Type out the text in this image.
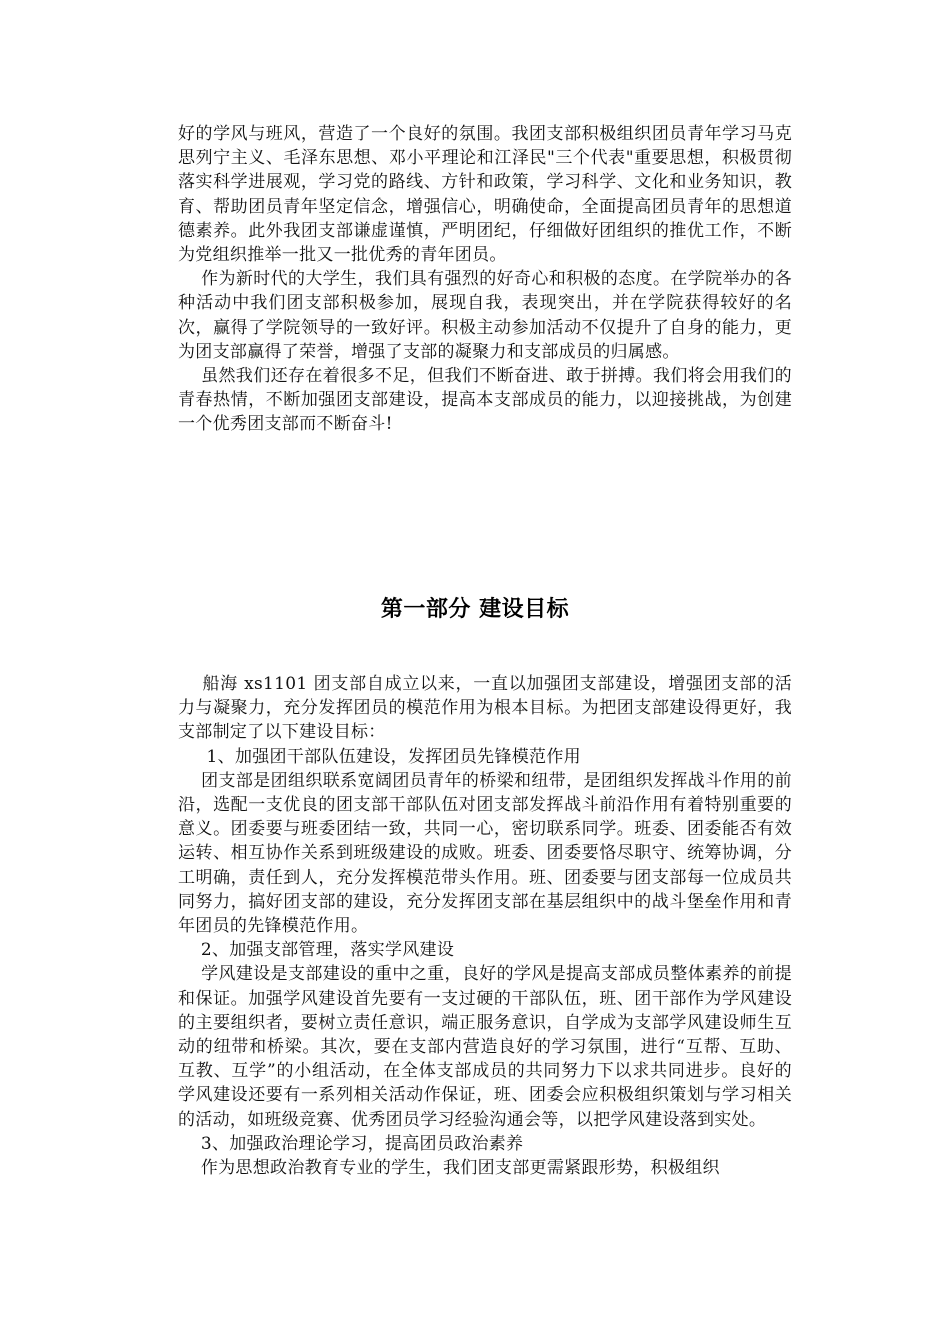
好的学风与班风，营造了一个良好的氛围。我团支部积极组织团员青年学习马克思列宁主义、毛泽东思想、邓小平理论和江泽民"三个代表"重要思想，积极贯彻落实科学进展观，学习党的路线、方针和政策，学习科学、文化和业务知识，教育、帮助团员青年坚定信念，增强信心，明确使命，全面提高团员青年的思想道德素养。此外我团支部谦虚谨慎，严明团纪，仔细做好团组织的推优工作，不断为党组织推举一批又一批优秀的青年团员。

作为新时代的大学生，我们具有强烈的好奇心和积极的态度。在学院举办的各种活动中我们团支部积极参加，展现自我，表现突出，并在学院获得较好的名次，赢得了学院领导的一致好评。积极主动参加活动不仅提升了自身的能力，更为团支部赢得了荣誉，增强了支部的凝聚力和支部成员的归属感。

虽然我们还存在着很多不足，但我们不断奋进、敢于拼搏。我们将会用我们的青春热情，不断加强团支部建设，提高本支部成员的能力，以迎接挑战，为创建一个优秀团支部而不断奋斗!

第一部分 建设目标

船海 xs1101 团支部自成立以来，一直以加强团支部建设，增强团支部的活力与凝聚力，充分发挥团员的模范作用为根本目标。为把团支部建设得更好，我支部制定了以下建设目标：

1、加强团干部队伍建设，发挥团员先锋模范作用

团支部是团组织联系宽阔团员青年的桥梁和纽带，是团组织发挥战斗作用的前沿，选配一支优良的团支部干部队伍对团支部发挥战斗前沿作用有着特别重要的意义。团委要与班委团结一致，共同一心，密切联系同学。班委、团委能否有效运转、相互协作关系到班级建设的成败。班委、团委要恪尽职守、统筹协调，分工明确，责任到人，充分发挥模范带头作用。班、团委要与团支部每一位成员共同努力，搞好团支部的建设，充分发挥团支部在基层组织中的战斗堡垒作用和青年团员的先锋模范作用。

2、加强支部管理，落实学风建设

学风建设是支部建设的重中之重，良好的学风是提高支部成员整体素养的前提和保证。加强学风建设首先要有一支过硬的干部队伍，班、团干部作为学风建设的主要组织者，要树立责任意识，端正服务意识，自学成为支部学风建设师生互动的纽带和桥梁。其次，要在支部内营造良好的学习氛围，进行“互帮、互助、互教、互学”的小组活动，在全体支部成员的共同努力下以求共同进步。良好的学风建设还要有一系列相关活动作保证，班、团委会应积极组织策划与学习相关的活动，如班级竞赛、优秀团员学习经验沟通会等，以把学风建设落到实处。

3、加强政治理论学习，提高团员政治素养

作为思想政治教育专业的学生，我们团支部更需紧跟形势，积极组织
